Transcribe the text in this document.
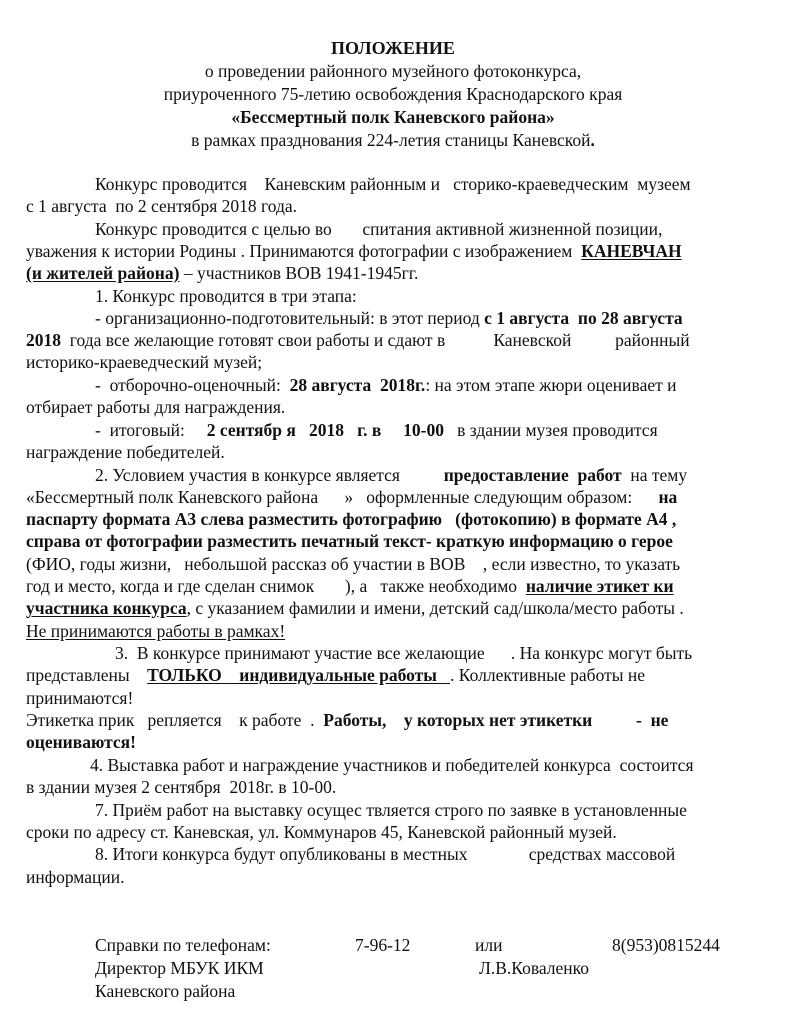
ПОЛОЖЕНИЕ
о проведении районного музейного фотоконкурса,
приуроченного 75-летию освобождения Краснодарского края
«Бессмертный полк Каневского района»
в рамках празднования 224-летия станицы Каневской.
Конкурс проводится    Каневским районным и   сторико-краеведческим  музеем
с 1 августа  по 2 сентября 2018 года.
Конкурс проводится с целью во       спитания активной жизненной позиции,
уважения к истории Родины . Принимаются фотографии с изображением  КАНЕВЧАН
(и жителей района) – участников ВОВ 1941-1945гг.
1. Конкурс проводится в три этапа:
- организационно-подготовительный: в этот период с 1 августа  по 28 августа
2018  года все желающие готовят свои работы и сдают в           Каневской          районный
историко-краеведческий музей;
-  отборочно-оценочный:  28 августа  2018г.: на этом этапе жюри оценивает и
отбирает работы для награждения.
-  итоговый:     2 сентябр я   2018   г. в     10-00   в здании музея проводится
награждение победителей.
2. Условием участия в конкурсе является          предоставление  работ  на тему
«Бессмертный полк Каневского района      »   оформленные следующим образом:      на
паспарту формата А3 слева разместить фотографию   (фотокопию) в формате А4 ,
справа от фотографии разместить печатный текст- краткую информацию о герое
(ФИО, годы жизни,   небольшой рассказ об участии в ВОВ    , если известно, то указать
год и место, когда и где сделан снимок       ), а   также необходимо  наличие этикет ки
участника конкурса, с указанием фамилии и имени, детский сад/школа/место работы .
Не принимаются работы в рамках!
3.  В конкурсе принимают участие все желающие      . На конкурс могут быть
представлены    ТОЛЬКО    индивидуальные работы   . Коллективные работы не
принимаются!
Этикетка прик   репляется    к работе  .  Работы,    у которых нет этикетки          -  не
оцениваются!
4. Выставка работ и награждение участников и победителей конкурса  состоится
в здании музея 2 сентября  2018г. в 10-00.
7. Приём работ на выставку осущес твляется строго по заявке в установленные
сроки по адресу ст. Каневская, ул. Коммунаров 45, Каневской районный музей.
8. Итоги конкурса будут опубликованы в местных              средствах массовой
информации.
Справки по телефонам:	7-96-12	или	8(953)0815244
Директор МБУК ИКМ	Л.В.Коваленко
Каневского района
